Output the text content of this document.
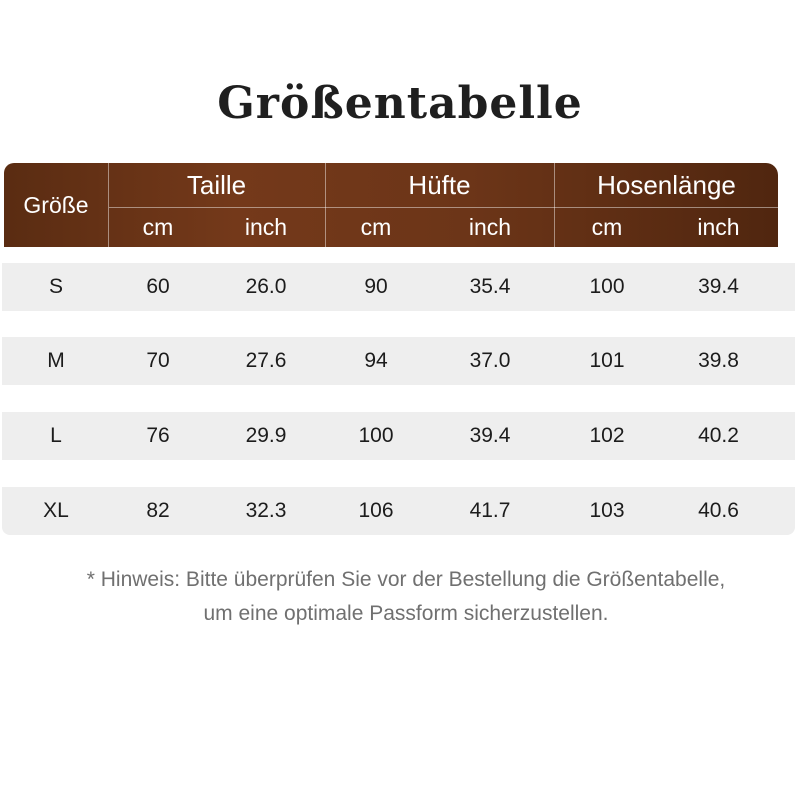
Größentabelle
Größe
Taille	Hüfte	Hosenlänge
cm	inch	cm	inch	cm	inch
S	60	26.0	90	35.4	100	39.4
M	70	27.6	94	37.0	101	39.8
L	76	29.9	100	39.4	102	40.2
XL	82	32.3	106	41.7	103	40.6
* Hinweis: Bitte überprüfen Sie vor der Bestellung die Größentabelle,
um eine optimale Passform sicherzustellen.
